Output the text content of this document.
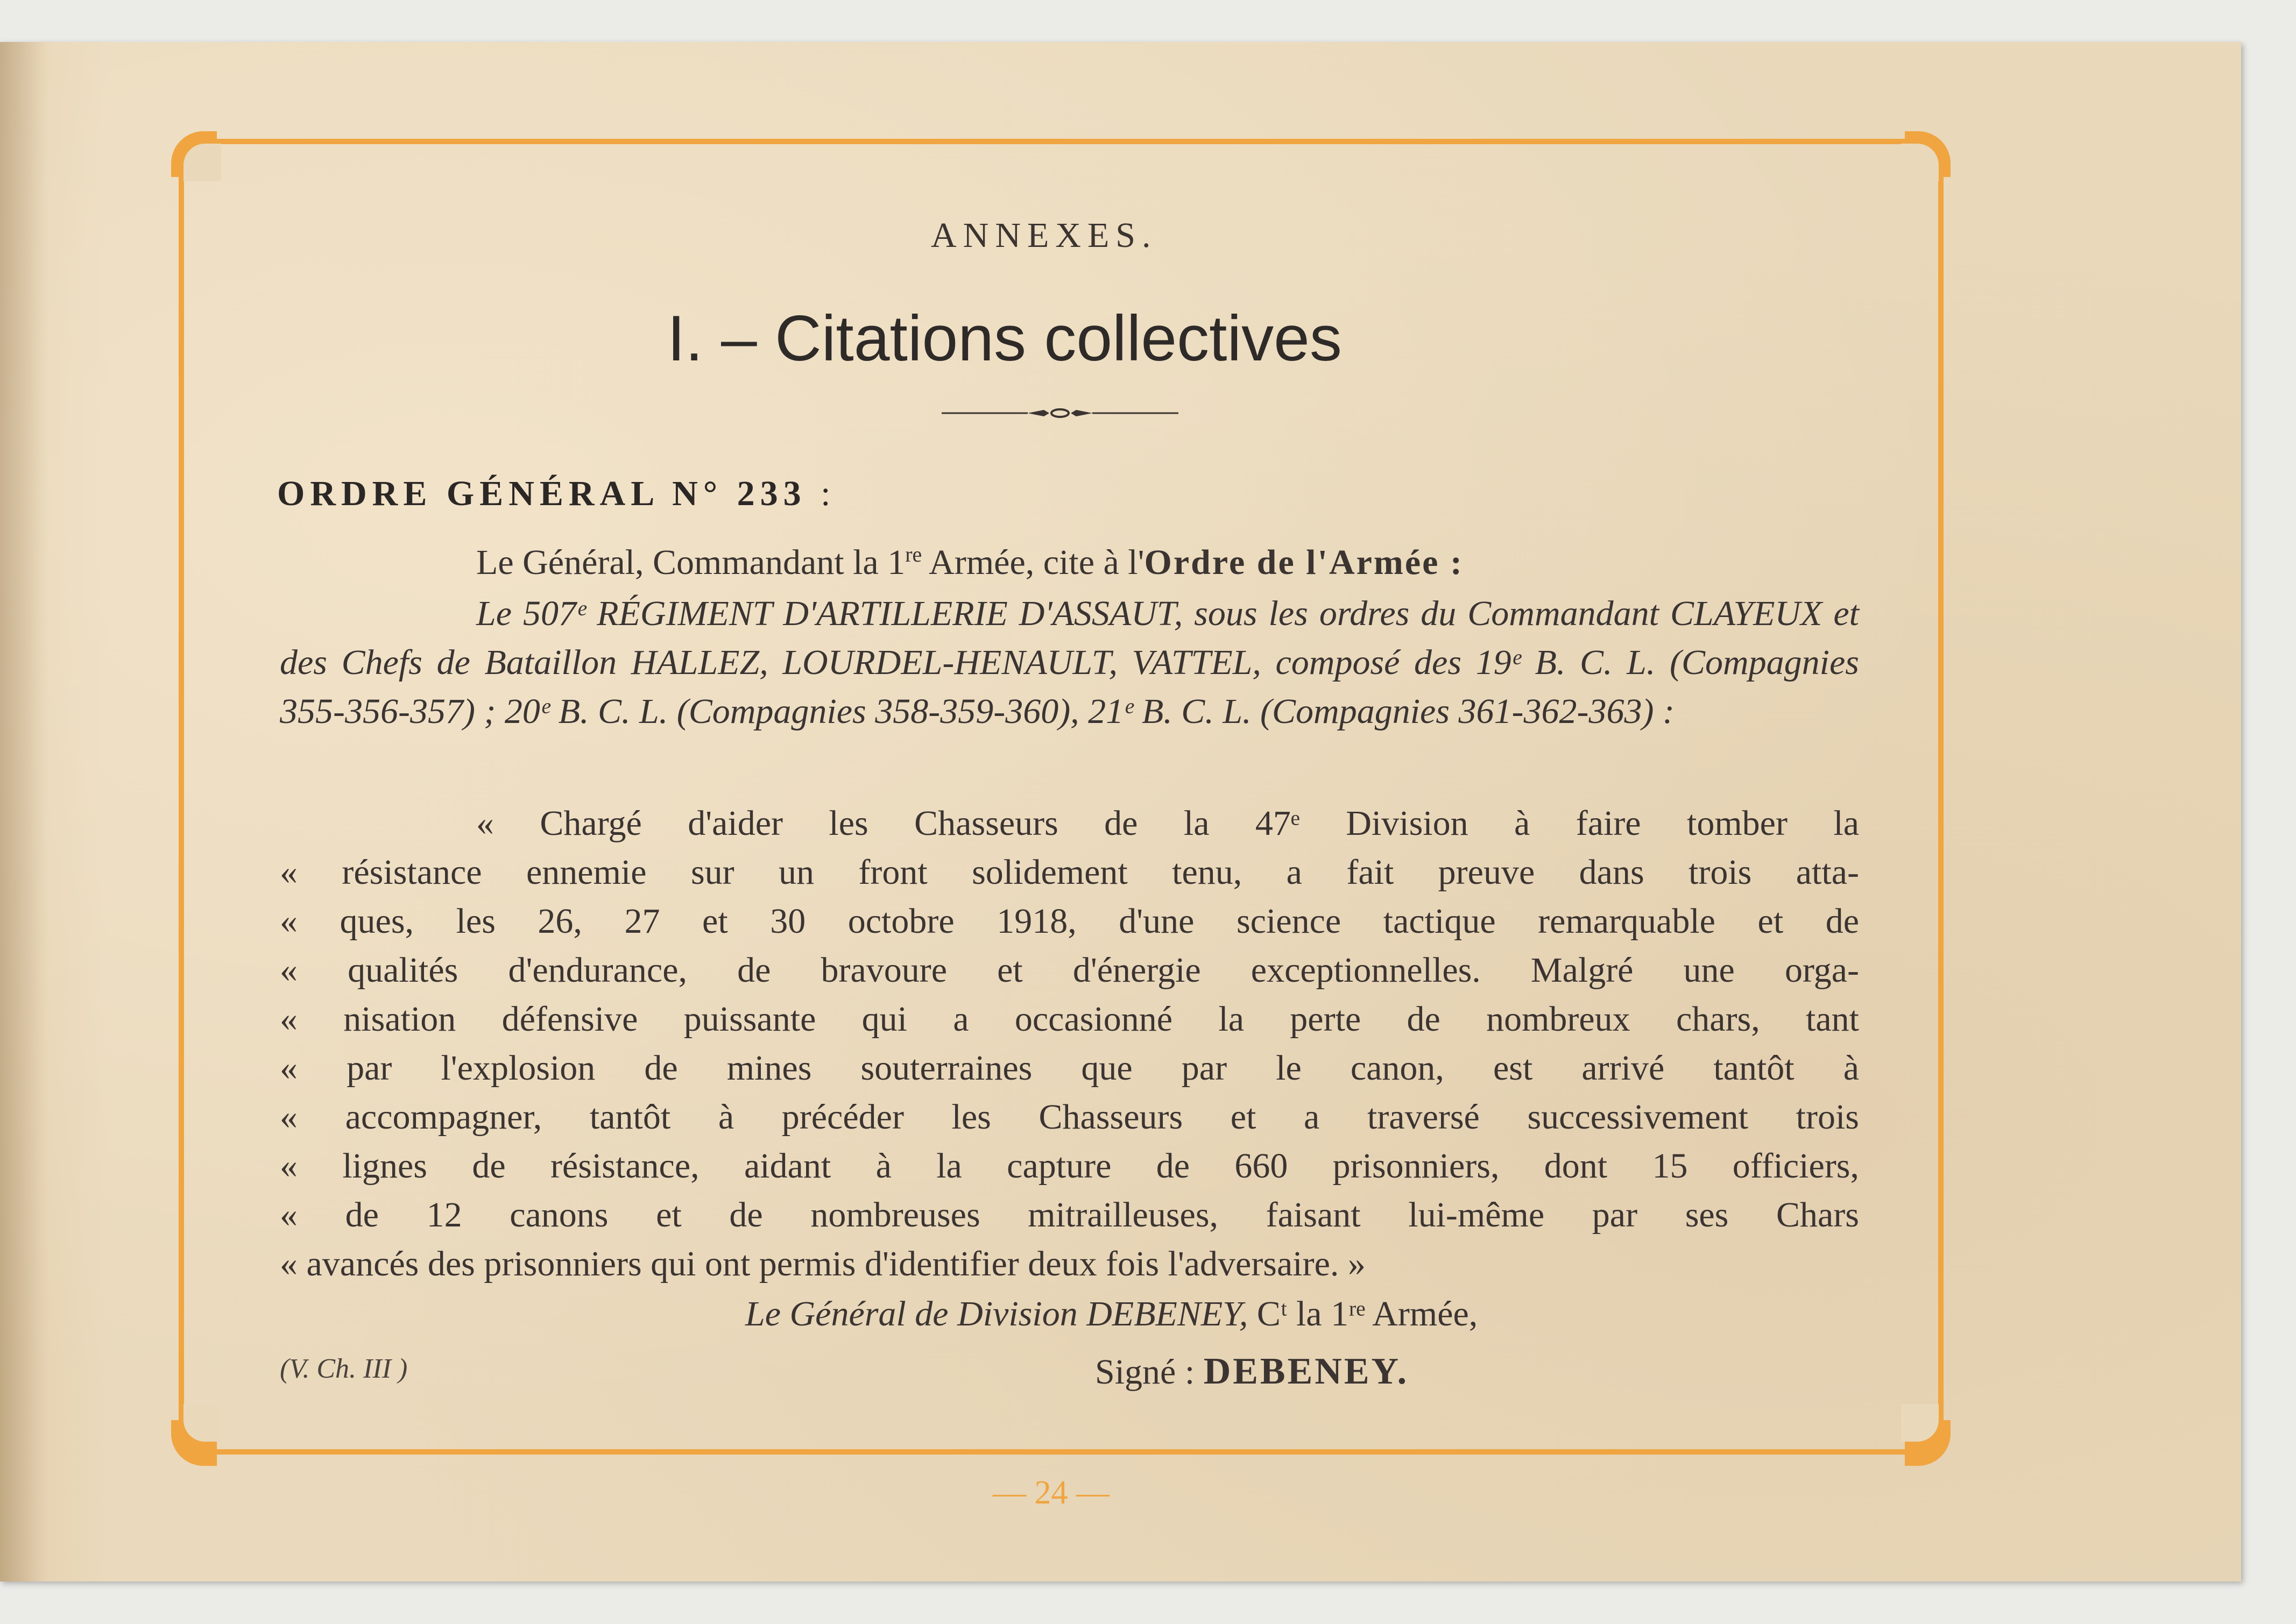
ANNEXES.
I. – Citations collectives
ORDRE GÉNÉRAL N° 233 :
Le Général, Commandant la 1re Armée, cite à l'Ordre de l'Armée :
Le 507ᵉ RÉGIMENT D'ARTILLERIE D'ASSAUT, sous les ordres du Commandant CLAYEUX et des Chefs de Bataillon HALLEZ, LOURDEL-HENAULT, VATTEL, composé des 19ᵉ B. C. L. (Compagnies 355-356-357) ; 20ᵉ B. C. L. (Compagnies 358-359-360), 21ᵉ B. C. L. (Compagnies 361-362-363) :
« Chargé d'aider les Chasseurs de la 47ᵉ Division à faire tomber la
« résistance ennemie sur un front solidement tenu, a fait preuve dans trois atta-
« ques, les 26, 27 et 30 octobre 1918, d'une science tactique remarquable et de
« qualités d'endurance, de bravoure et d'énergie exceptionnelles. Malgré une orga-
« nisation défensive puissante qui a occasionné la perte de nombreux chars, tant
« par l'explosion de mines souterraines que par le canon, est arrivé tantôt à
« accompagner, tantôt à précéder les Chasseurs et a traversé successivement trois
« lignes de résistance, aidant à la capture de 660 prisonniers, dont 15 officiers,
« de 12 canons et de nombreuses mitrailleuses, faisant lui-même par ses Chars
« avancés des prisonniers qui ont permis d'identifier deux fois l'adversaire. »
Le Général de Division DEBENEY, Cᵗ la 1ʳᵉ Armée,
(V. Ch. III )	Signé : DEBENEY.
— 24 —
